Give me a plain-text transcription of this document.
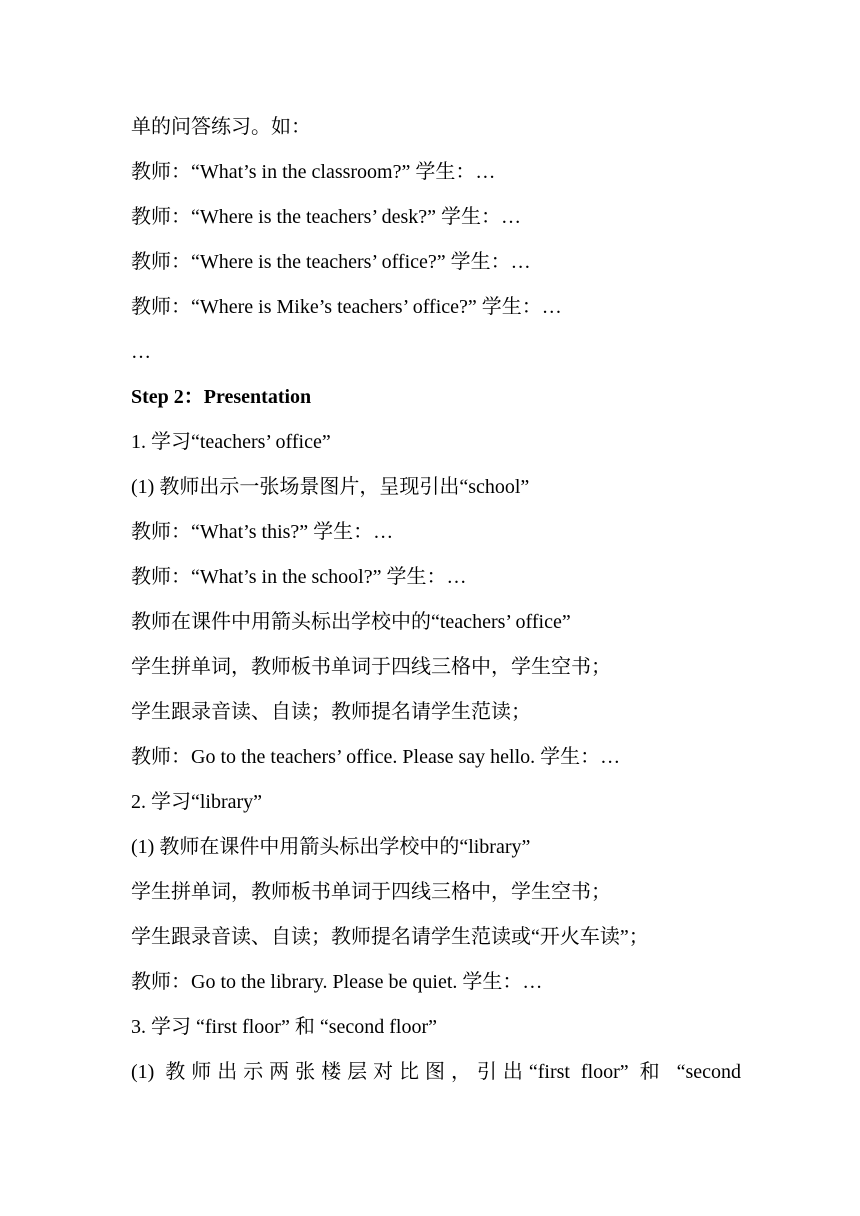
单的问答练习。如：
教师：“What’s in the classroom?” 学生：…
教师：“Where is the teachers’ desk?” 学生：…
教师：“Where is the teachers’ office?” 学生：…
教师：“Where is Mike’s teachers’ office?” 学生：…
…
Step 2：Presentation
1. 学习“teachers’ office”
(1) 教师出示一张场景图片，呈现引出“school”
教师：“What’s this?” 学生：…
教师：“What’s in the school?” 学生：…
教师在课件中用箭头标出学校中的“teachers’ office”
学生拼单词，教师板书单词于四线三格中，学生空书；
学生跟录音读、自读；教师提名请学生范读；
教师：Go to the teachers’ office. Please say hello. 学生：…
2. 学习“library”
(1) 教师在课件中用箭头标出学校中的“library”
学生拼单词，教师板书单词于四线三格中，学生空书；
学生跟录音读、自读；教师提名请学生范读或“开火车读”；
教师：Go to the library. Please be quiet. 学生：…
3. 学习 “first floor” 和 “second floor”
(1) 教师出示两张楼层对比图，引出“first floor” 和 “second
